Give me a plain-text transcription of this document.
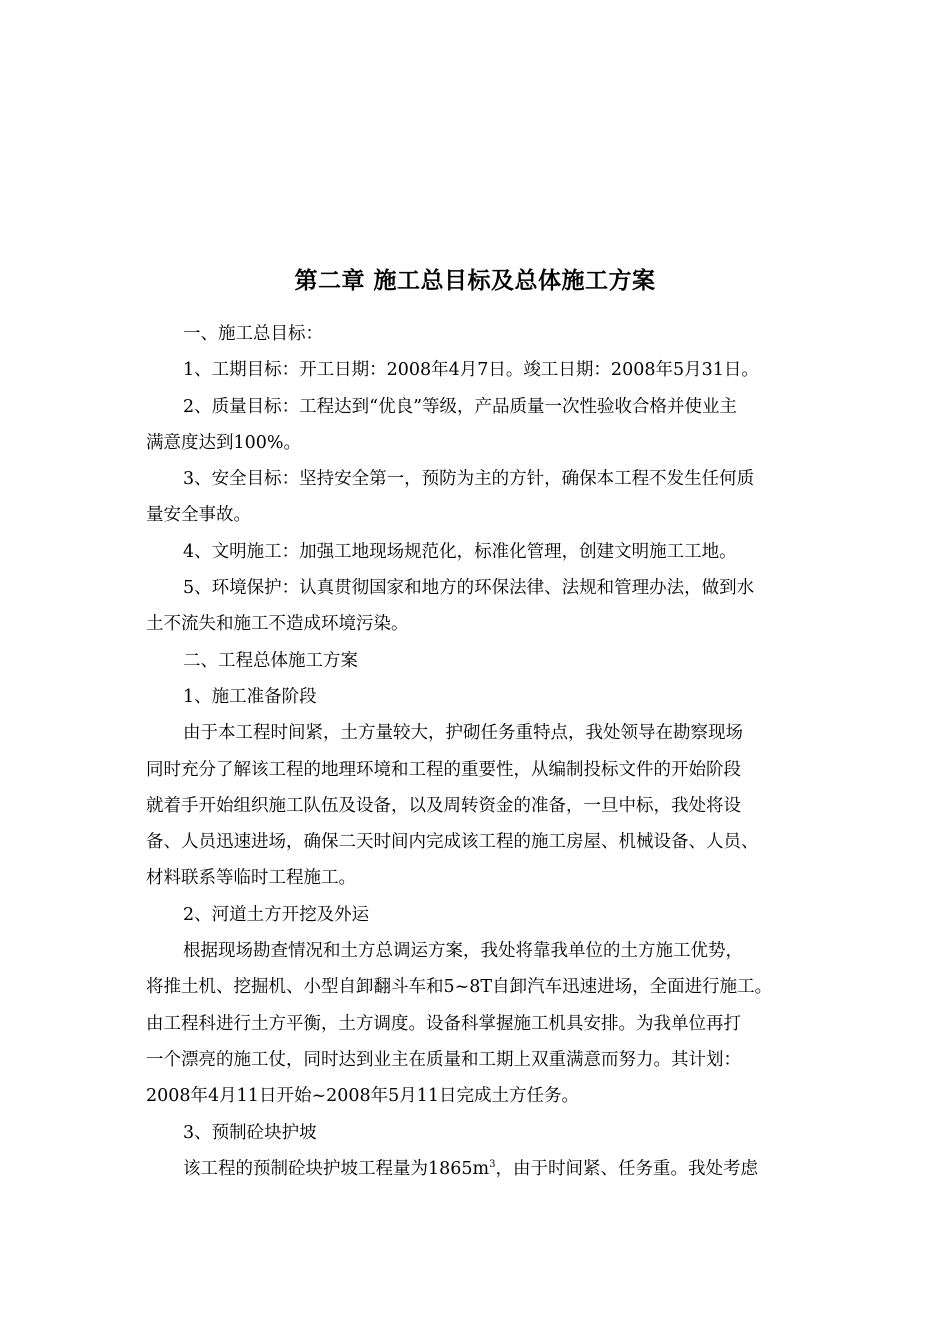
第二章 施工总目标及总体施工方案
一、施工总目标：
1、工期目标：开工日期：2008年4月7日。竣工日期：2008年5月31日。
2、质量目标：工程达到“优良”等级，产品质量一次性验收合格并使业主
满意度达到100%。
3、安全目标：坚持安全第一，预防为主的方针，确保本工程不发生任何质
量安全事故。
4、文明施工：加强工地现场规范化，标准化管理，创建文明施工工地。
5、环境保护：认真贯彻国家和地方的环保法律、法规和管理办法，做到水
土不流失和施工不造成环境污染。
二、工程总体施工方案
1、施工准备阶段
由于本工程时间紧，土方量较大，护砌任务重特点，我处领导在勘察现场
同时充分了解该工程的地理环境和工程的重要性，从编制投标文件的开始阶段
就着手开始组织施工队伍及设备，以及周转资金的准备，一旦中标，我处将设
备、人员迅速进场，确保二天时间内完成该工程的施工房屋、机械设备、人员、
材料联系等临时工程施工。
2、河道土方开挖及外运
根据现场勘查情况和土方总调运方案，我处将靠我单位的土方施工优势，
将推土机、挖掘机、小型自卸翻斗车和5~8T自卸汽车迅速进场，全面进行施工。
由工程科进行土方平衡，土方调度。设备科掌握施工机具安排。为我单位再打
一个漂亮的施工仗，同时达到业主在质量和工期上双重满意而努力。其计划：
2008年4月11日开始~2008年5月11日完成土方任务。
3、预制砼块护坡
该工程的预制砼块护坡工程量为$1865m^3$，由于时间紧、任务重。我处考虑
